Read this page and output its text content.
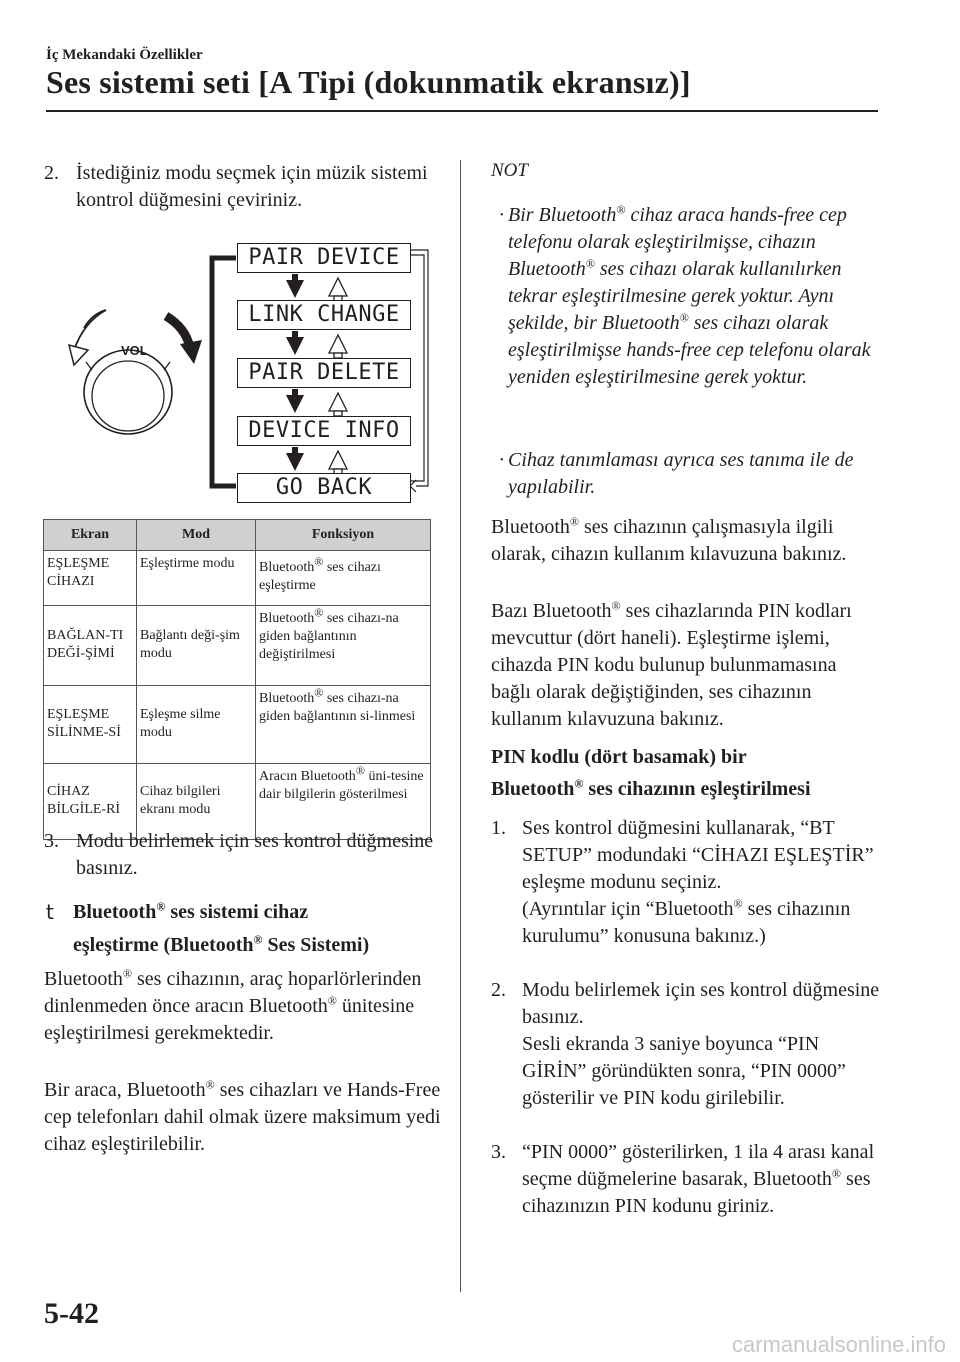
İç Mekandaki Özellikler
Ses sistemi seti [A Tipi (dokunmatik ekransız)]
2. İstediğiniz modu seçmek için müzik sistemi kontrol düğmesini çeviriniz.
VOL
PAIR DEVICE
LINK CHANGE
PAIR DELETE
DEVICE INFO
GO BACK
Ekran	Mod	Fonksiyon
EŞLEŞME CİHAZI	Eşleştirme modu	Bluetooth® ses cihazı eşleştirme
BAĞLAN-TI DEĞİ-ŞİMİ	Bağlantı deği-şim modu	Bluetooth® ses cihazı-na giden bağlantının değiştirilmesi
EŞLEŞME SİLİNME-Sİ	Eşleşme silme modu	Bluetooth® ses cihazı-na giden bağlantının si-linmesi
CİHAZ BİLGİLE-Rİ	Cihaz bilgileri ekranı modu	Aracın Bluetooth® üni-tesine dair bilgilerin gösterilmesi
3. Modu belirlemek için ses kontrol düğmesine basınız.
t Bluetooth® ses sistemi cihaz
eşleştirme (Bluetooth® Ses Sistemi)
Bluetooth® ses cihazının, araç hoparlörlerinden dinlenmeden önce aracın Bluetooth® ünitesine eşleştirilmesi gerekmektedir.
Bir araca, Bluetooth® ses cihazları ve Hands-Free cep telefonları dahil olmak üzere maksimum yedi cihaz eşleştirilebilir.
NOT
· Bir Bluetooth® cihaz araca hands-free cep telefonu olarak eşleştirilmişse, cihazın Bluetooth® ses cihazı olarak kullanılırken tekrar eşleştirilmesine gerek yoktur. Aynı şekilde, bir Bluetooth® ses cihazı olarak eşleştirilmişse hands-free cep telefonu olarak yeniden eşleştirilmesine gerek yoktur.
· Cihaz tanımlaması ayrıca ses tanıma ile de yapılabilir.
Bluetooth® ses cihazının çalışmasıyla ilgili olarak, cihazın kullanım kılavuzuna bakınız.
Bazı Bluetooth® ses cihazlarında PIN kodları mevcuttur (dört haneli). Eşleştirme işlemi, cihazda PIN kodu bulunup bulunmamasına bağlı olarak değiştiğinden, ses cihazının kullanım kılavuzuna bakınız.
PIN kodlu (dört basamak) bir
Bluetooth® ses cihazının eşleştirilmesi
1. Ses kontrol düğmesini kullanarak, “BT SETUP” modundaki “CİHAZI EŞLEŞTİR” eşleşme modunu seçiniz.
(Ayrıntılar için “Bluetooth® ses cihazının kurulumu” konusuna bakınız.)
2. Modu belirlemek için ses kontrol düğmesine basınız.
Sesli ekranda 3 saniye boyunca “PIN GİRİN” göründükten sonra, “PIN 0000” gösterilir ve PIN kodu girilebilir.
3. “PIN 0000” gösterilirken, 1 ila 4 arası kanal seçme düğmelerine basarak, Bluetooth® ses cihazınızın PIN kodunu giriniz.
5-42
carmanualsonline.info
